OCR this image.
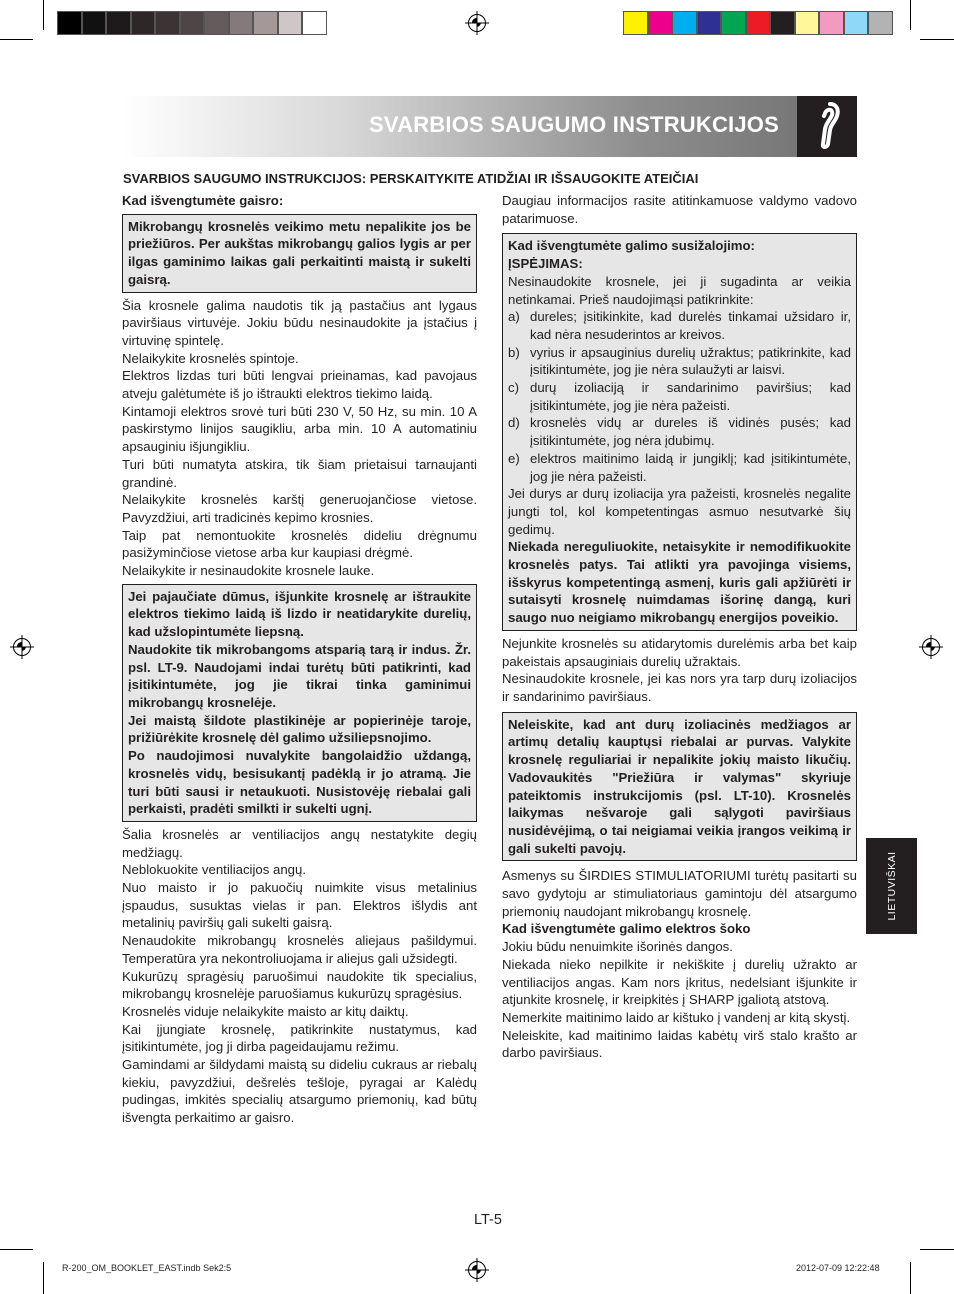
SVARBIOS SAUGUMO INSTRUKCIJOS
SVARBIOS SAUGUMO INSTRUKCIJOS: PERSKAITYKITE ATIDŽIAI IR IŠSAUGOKITE ATEIČIAI

Kad išvengtumėte gaisro:

Mikrobangų krosnelės veikimo metu nepalikite jos be priežiūros. Per aukštas mikrobangų galios lygis ar per ilgas gaminimo laikas gali perkaitinti maistą ir sukelti gaisrą.

Šia krosnele galima naudotis tik ją pastačius ant lygaus paviršiaus virtuvėje. Jokiu būdu nesinaudokite ja įstačius į virtuvinę spintelę.

Nelaikykite krosnelės spintoje.

Elektros lizdas turi būti lengvai prieinamas, kad pavojaus atveju galėtumėte iš jo ištraukti elektros tiekimo laidą.

Kintamoji elektros srovė turi būti 230 V, 50 Hz, su min. 10 A paskirstymo linijos saugikliu, arba min. 10 A automatiniu apsauginiu išjungikliu.

Turi būti numatyta atskira, tik šiam prietaisui tarnaujanti grandinė.

Nelaikykite krosnelės karštį generuojančiose vietose. Pavyzdžiui, arti tradicinės kepimo krosnies.

Taip pat nemontuokite krosnelės dideliu drėgnumu pasižyminčiose vietose arba kur kaupiasi drėgmė.

Nelaikykite ir nesinaudokite krosnele lauke.

Jei pajaučiate dūmus, išjunkite krosnelę ar ištraukite elektros tiekimo laidą iš lizdo ir neatidarykite durelių, kad užslopintumėte liepsną.

Naudokite tik mikrobangoms atsparią tarą ir indus. Žr. psl. LT-9. Naudojami indai turėtų būti patikrinti, kad įsitikintumėte, jog jie tikrai tinka gaminimui mikrobangų krosnelėje.

Jei maistą šildote plastikinėje ar popierinėje taroje, prižiūrėkite krosnelę dėl galimo užsiliepsnojimo.

Po naudojimosi nuvalykite bangolaidžio uždangą, krosnelės vidų, besisukantį padėklą ir jo atramą. Jie turi būti sausi ir netaukuoti. Nusistovėję riebalai gali perkaisti, pradėti smilkti ir sukelti ugnį.

Šalia krosnelės ar ventiliacijos angų nestatykite degių medžiagų.

Neblokuokite ventiliacijos angų.

Nuo maisto ir jo pakuočių nuimkite visus metalinius įspaudus, susuktas vielas ir pan. Elektros išlydis ant metalinių paviršių gali sukelti gaisrą.

Nenaudokite mikrobangų krosnelės aliejaus pašildymui. Temperatūra yra nekontroliuojama ir aliejus gali užsidegti.

Kukurūzų spragėsių paruošimui naudokite tik specialius, mikrobangų krosnelėje paruošiamus kukurūzų spragėsius.

Krosnelės viduje nelaikykite maisto ar kitų daiktų.

Kai įjungiate krosnelę, patikrinkite nustatymus, kad įsitikintumėte, jog ji dirba pageidaujamu režimu.

Gamindami ar šildydami maistą su dideliu cukraus ar riebalų kiekiu, pavyzdžiui, dešrelės tešloje, pyragai ar Kalėdų pudingas, imkitės specialių atsargumo priemonių, kad būtų išvengta perkaitimo ar gaisro.

Daugiau informacijos rasite atitinkamuose valdymo vadovo patarimuose.

Kad išvengtumėte galimo susižalojimo:

ĮSPĖJIMAS:

Nesinaudokite krosnele, jei ji sugadinta ar veikia netinkamai. Prieš naudojimąsi patikrinkite:

a) dureles; įsitikinkite, kad durelės tinkamai užsidaro ir, kad nėra nesuderintos ar kreivos.
b) vyrius ir apsauginius durelių užraktus; patikrinkite, kad įsitikintumėte, jog jie nėra sulaužyti ar laisvi.
c) durų izoliaciją ir sandarinimo paviršius; kad įsitikintumėte, jog jie nėra pažeisti.
d) krosnelės vidų ar dureles iš vidinės pusės; kad įsitikintumėte, jog nėra įdubimų.
e) elektros maitinimo laidą ir jungiklį; kad įsitikintumėte, jog jie nėra pažeisti.

Jei durys ar durų izoliacija yra pažeisti, krosnelės negalite jungti tol, kol kompetentingas asmuo nesutvarkė šių gedimų.

Niekada nereguliuokite, netaisykite ir nemodifikuokite krosnelės patys. Tai atlikti yra pavojinga visiems, išskyrus kompetentingą asmenį, kuris gali apžiūrėti ir sutaisyti krosnelę nuimdamas išorinę dangą, kuri saugo nuo neigiamo mikrobangų energijos poveikio.

Nejunkite krosnelės su atidarytomis durelėmis arba bet kaip pakeistais apsauginiais durelių užraktais.

Nesinaudokite krosnele, jei kas nors yra tarp durų izoliacijos ir sandarinimo paviršiaus.

Neleiskite, kad ant durų izoliacinės medžiagos ar artimų detalių kauptųsi riebalai ar purvas. Valykite krosnelę reguliariai ir nepalikite jokių maisto likučių. Vadovaukitės "Priežiūra ir valymas" skyriuje pateiktomis instrukcijomis (psl. LT-10). Krosnelės laikymas nešvaroje gali sąlygoti paviršiaus nusidėvėjimą, o tai neigiamai veikia įrangos veikimą ir gali sukelti pavojų.

Asmenys su ŠIRDIES STIMULIATORIUMI turėtų pasitarti su savo gydytoju ar stimuliatoriaus gamintoju dėl atsargumo priemonių naudojant mikrobangų krosnelę.

Kad išvengtumėte galimo elektros šoko

Jokiu būdu nenuimkite išorinės dangos.

Niekada nieko nepilkite ir nekiškite į durelių užrakto ar ventiliacijos angas. Kam nors įkritus, nedelsiant išjunkite ir atjunkite krosnelę, ir kreipkitės į SHARP įgaliotą atstovą.

Nemerkite maitinimo laido ar kištuko į vandenį ar kitą skystį.

Neleiskite, kad maitinimo laidas kabėtų virš stalo krašto ar darbo paviršiaus.

LIETUVIŠKAI
LT-5
R-200_OM_BOOKLET_EAST.indb Sek2:5	2012-07-09 12:22:48
